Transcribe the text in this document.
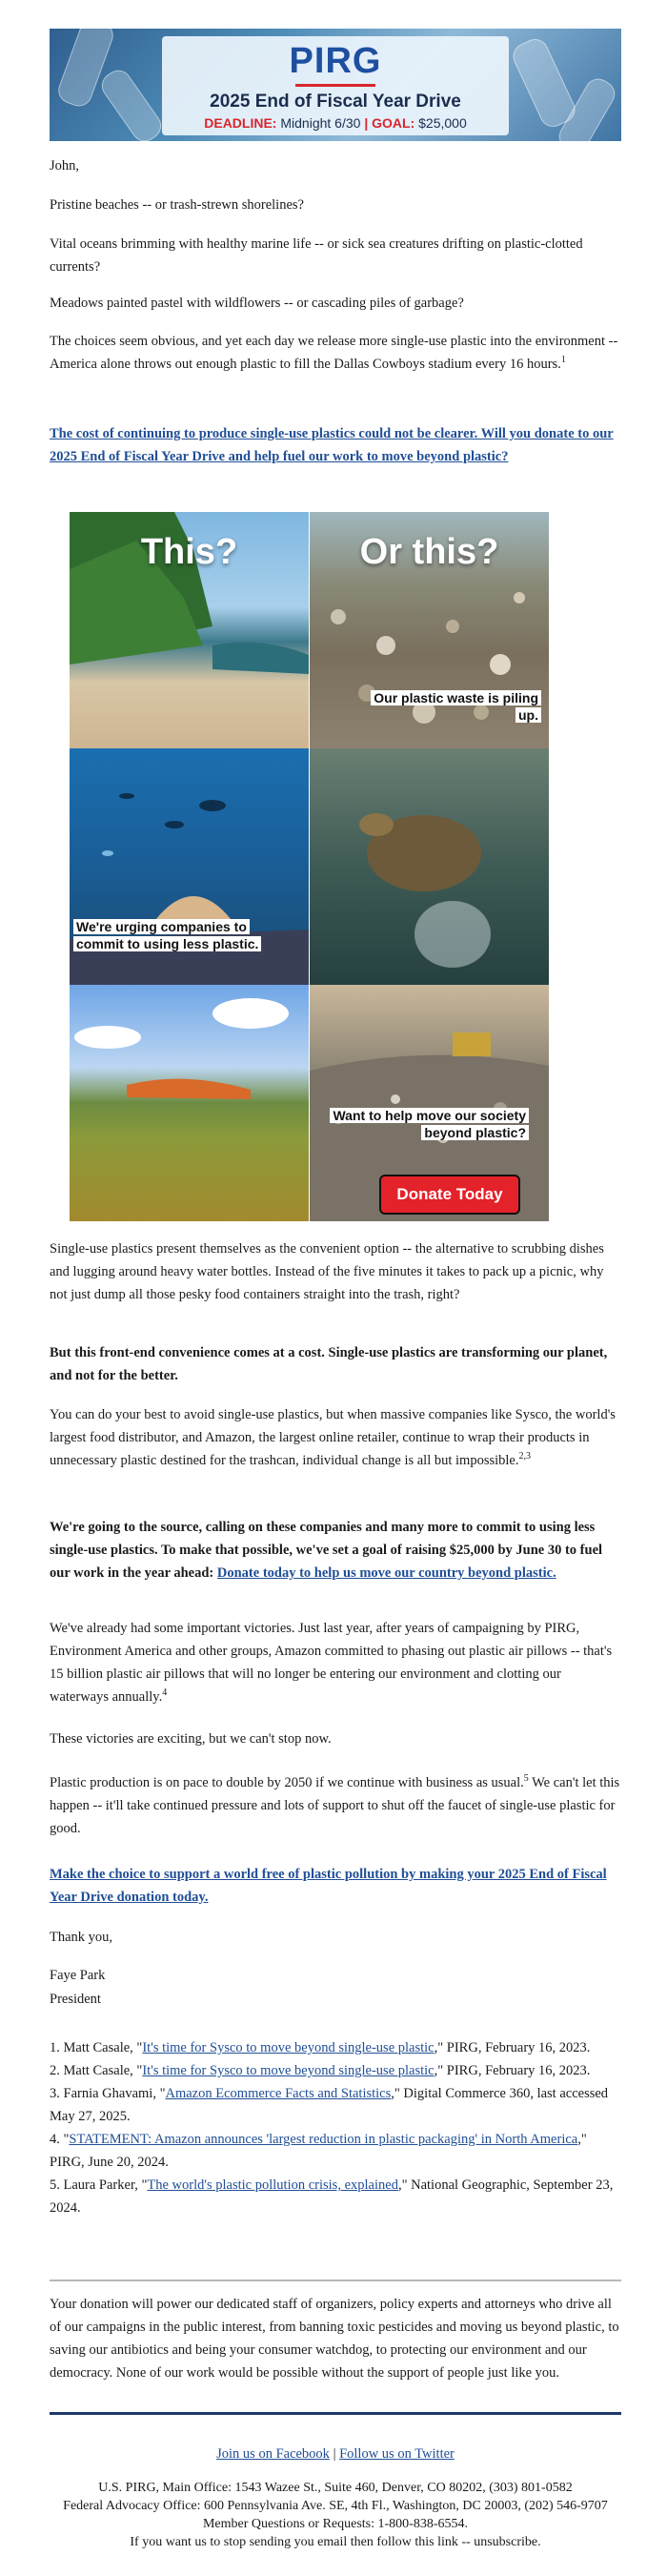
PIRG
2025 End of Fiscal Year Drive
DEADLINE: Midnight 6/30 | GOAL: $25,000

John,

Pristine beaches -- or trash-strewn shorelines?

Vital oceans brimming with healthy marine life -- or sick sea creatures drifting on plastic-clotted currents?

Meadows painted pastel with wildflowers -- or cascading piles of garbage?

The choices seem obvious, and yet each day we release more single-use plastic into the environment -- America alone throws out enough plastic to fill the Dallas Cowboys stadium every 16 hours.$^1$

The cost of continuing to produce single-use plastics could not be clearer. Will you donate to our 2025 End of Fiscal Year Drive and help fuel our work to move beyond plastic?

This?	Or this?
Our plastic waste is piling up.
We're urging companies to commit to using less plastic.
Want to help move our society beyond plastic?
Donate Today

Single-use plastics present themselves as the convenient option -- the alternative to scrubbing dishes and lugging around heavy water bottles. Instead of the five minutes it takes to pack up a picnic, why not just dump all those pesky food containers straight into the trash, right?

But this front-end convenience comes at a cost. Single-use plastics are transforming our planet, and not for the better.

You can do your best to avoid single-use plastics, but when massive companies like Sysco, the world's largest food distributor, and Amazon, the largest online retailer, continue to wrap their products in unnecessary plastic destined for the trashcan, individual change is all but impossible.$^{2,3}$

We're going to the source, calling on these companies and many more to commit to using less single-use plastics. To make that possible, we've set a goal of raising $25,000 by June 30 to fuel our work in the year ahead: Donate today to help us move our country beyond plastic.

We've already had some important victories. Just last year, after years of campaigning by PIRG, Environment America and other groups, Amazon committed to phasing out plastic air pillows -- that's 15 billion plastic air pillows that will no longer be entering our environment and clotting our waterways annually.$^4$

These victories are exciting, but we can't stop now.

Plastic production is on pace to double by 2050 if we continue with business as usual.$^5$ We can't let this happen -- it'll take continued pressure and lots of support to shut off the faucet of single-use plastic for good.

Make the choice to support a world free of plastic pollution by making your 2025 End of Fiscal Year Drive donation today.

Thank you,

Faye Park

President

1. Matt Casale, "It's time for Sysco to move beyond single-use plastic," PIRG, February 16, 2023.
2. Matt Casale, "It's time for Sysco to move beyond single-use plastic," PIRG, February 16, 2023.
3. Farnia Ghavami, "Amazon Ecommerce Facts and Statistics," Digital Commerce 360, last accessed May 27, 2025.
4. "STATEMENT: Amazon announces 'largest reduction in plastic packaging' in North America," PIRG, June 20, 2024.
5. Laura Parker, "The world's plastic pollution crisis, explained," National Geographic, September 23, 2024.

Your donation will power our dedicated staff of organizers, policy experts and attorneys who drive all of our campaigns in the public interest, from banning toxic pesticides and moving us beyond plastic, to saving our antibiotics and being your consumer watchdog, to protecting our environment and our democracy. None of our work would be possible without the support of people just like you.

Join us on Facebook | Follow us on Twitter
U.S. PIRG, Main Office: 1543 Wazee St., Suite 460, Denver, CO 80202, (303) 801-0582
Federal Advocacy Office: 600 Pennsylvania Ave. SE, 4th Fl., Washington, DC 20003, (202) 546-9707
Member Questions or Requests: 1-800-838-6554.
If you want us to stop sending you email then follow this link -- unsubscribe.
